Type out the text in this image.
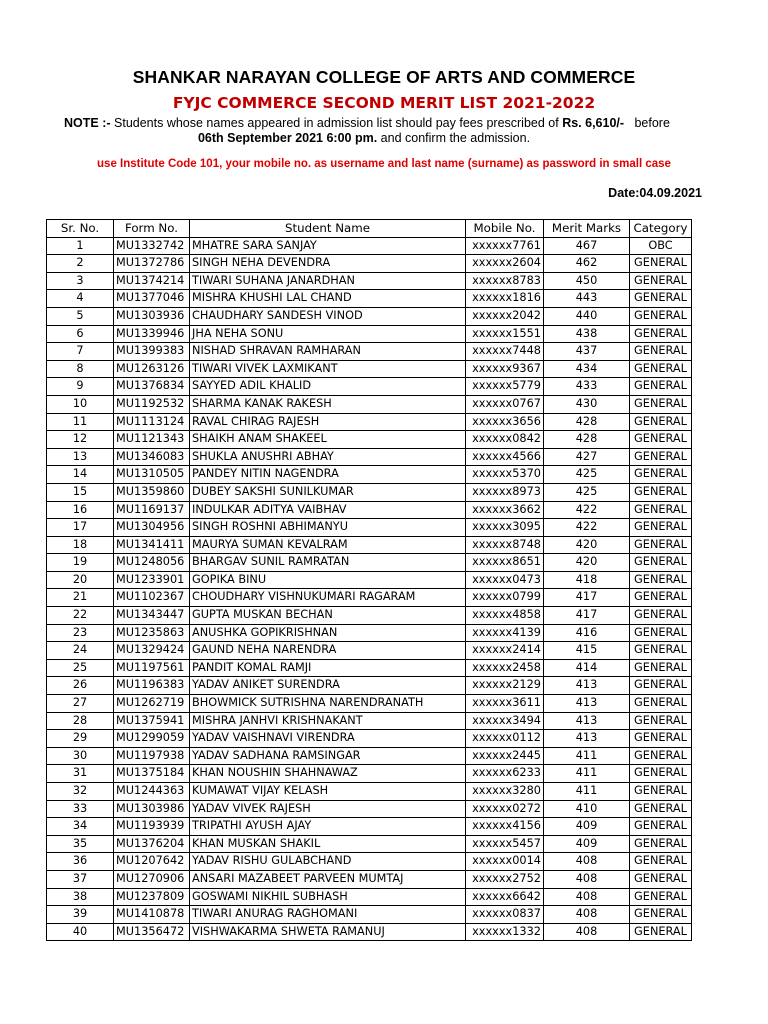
SHANKAR NARAYAN COLLEGE OF ARTS AND COMMERCE
FYJC COMMERCE SECOND MERIT LIST 2021-2022
NOTE :- Students whose names appeared in admission list should pay fees prescribed of Rs. 6,610/- before
06th September 2021 6:00 pm. and confirm the admission.
use Institute Code 101, your mobile no. as username and last name (surname) as password in small case
Date:04.09.2021
Sr. No.	Form No.	Student Name	Mobile No.	Merit Marks	Category
1	MU1332742	MHATRE SARA SANJAY	xxxxxx7761	467	OBC
2	MU1372786	SINGH NEHA DEVENDRA	xxxxxx2604	462	GENERAL
3	MU1374214	TIWARI SUHANA JANARDHAN	xxxxxx8783	450	GENERAL
4	MU1377046	MISHRA KHUSHI LAL CHAND	xxxxxx1816	443	GENERAL
5	MU1303936	CHAUDHARY SANDESH VINOD	xxxxxx2042	440	GENERAL
6	MU1339946	JHA NEHA SONU	xxxxxx1551	438	GENERAL
7	MU1399383	NISHAD SHRAVAN RAMHARAN	xxxxxx7448	437	GENERAL
8	MU1263126	TIWARI VIVEK LAXMIKANT	xxxxxx9367	434	GENERAL
9	MU1376834	SAYYED ADIL KHALID	xxxxxx5779	433	GENERAL
10	MU1192532	SHARMA KANAK RAKESH	xxxxxx0767	430	GENERAL
11	MU1113124	RAVAL CHIRAG RAJESH	xxxxxx3656	428	GENERAL
12	MU1121343	SHAIKH ANAM SHAKEEL	xxxxxx0842	428	GENERAL
13	MU1346083	SHUKLA ANUSHRI ABHAY	xxxxxx4566	427	GENERAL
14	MU1310505	PANDEY NITIN NAGENDRA	xxxxxx5370	425	GENERAL
15	MU1359860	DUBEY SAKSHI SUNILKUMAR	xxxxxx8973	425	GENERAL
16	MU1169137	INDULKAR ADITYA VAIBHAV	xxxxxx3662	422	GENERAL
17	MU1304956	SINGH ROSHNI ABHIMANYU	xxxxxx3095	422	GENERAL
18	MU1341411	MAURYA SUMAN KEVALRAM	xxxxxx8748	420	GENERAL
19	MU1248056	BHARGAV SUNIL RAMRATAN	xxxxxx8651	420	GENERAL
20	MU1233901	GOPIKA BINU	xxxxxx0473	418	GENERAL
21	MU1102367	CHOUDHARY VISHNUKUMARI RAGARAM	xxxxxx0799	417	GENERAL
22	MU1343447	GUPTA MUSKAN BECHAN	xxxxxx4858	417	GENERAL
23	MU1235863	ANUSHKA GOPIKRISHNAN	xxxxxx4139	416	GENERAL
24	MU1329424	GAUND NEHA NARENDRA	xxxxxx2414	415	GENERAL
25	MU1197561	PANDIT KOMAL RAMJI	xxxxxx2458	414	GENERAL
26	MU1196383	YADAV ANIKET SURENDRA	xxxxxx2129	413	GENERAL
27	MU1262719	BHOWMICK SUTRISHNA NARENDRANATH	xxxxxx3611	413	GENERAL
28	MU1375941	MISHRA JANHVI KRISHNAKANT	xxxxxx3494	413	GENERAL
29	MU1299059	YADAV VAISHNAVI VIRENDRA	xxxxxx0112	413	GENERAL
30	MU1197938	YADAV SADHANA RAMSINGAR	xxxxxx2445	411	GENERAL
31	MU1375184	KHAN NOUSHIN SHAHNAWAZ	xxxxxx6233	411	GENERAL
32	MU1244363	KUMAWAT VIJAY KELASH	xxxxxx3280	411	GENERAL
33	MU1303986	YADAV VIVEK RAJESH	xxxxxx0272	410	GENERAL
34	MU1193939	TRIPATHI AYUSH AJAY	xxxxxx4156	409	GENERAL
35	MU1376204	KHAN MUSKAN SHAKIL	xxxxxx5457	409	GENERAL
36	MU1207642	YADAV RISHU GULABCHAND	xxxxxx0014	408	GENERAL
37	MU1270906	ANSARI MAZABEET PARVEEN MUMTAJ	xxxxxx2752	408	GENERAL
38	MU1237809	GOSWAMI NIKHIL SUBHASH	xxxxxx6642	408	GENERAL
39	MU1410878	TIWARI ANURAG RAGHOMANI	xxxxxx0837	408	GENERAL
40	MU1356472	VISHWAKARMA SHWETA RAMANUJ	xxxxxx1332	408	GENERAL
